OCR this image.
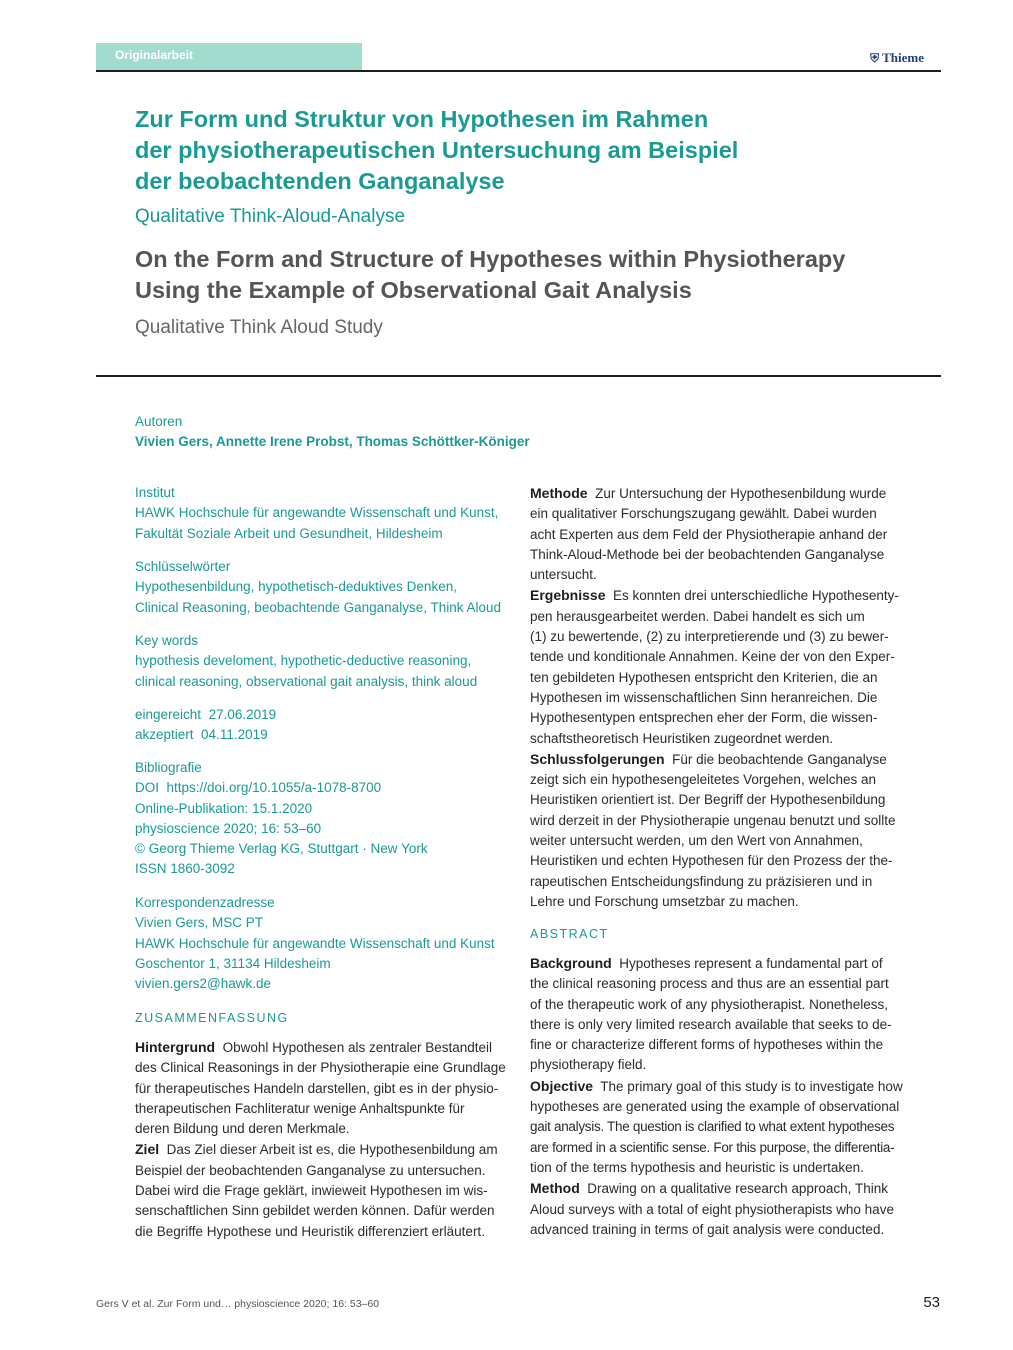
Originalarbeit	⛨ Thieme
Zur Form und Struktur von Hypothesen im Rahmen
der physiotherapeutischen Untersuchung am Beispiel
der beobachtenden Ganganalyse
Qualitative Think-Aloud-Analyse
On the Form and Structure of Hypotheses within Physiotherapy
Using the Example of Observational Gait Analysis
Qualitative Think Aloud Study
Autoren
Vivien Gers, Annette Irene Probst, Thomas Schöttker-Königer
Institut
HAWK Hochschule für angewandte Wissenschaft und Kunst,
Fakultät Soziale Arbeit und Gesundheit, Hildesheim
Schlüsselwörter
Hypothesenbildung, hypothetisch-deduktives Denken,
Clinical Reasoning, beobachtende Ganganalyse, Think Aloud
Key words
hypothesis develoment, hypothetic-deductive reasoning,
clinical reasoning, observational gait analysis, think aloud
eingereicht 27.06.2019
akzeptiert 04.11.2019
Bibliografie
DOI https://doi.org/10.1055/a-1078-8700
Online-Publikation: 15.1.2020
physioscience 2020; 16: 53–60
© Georg Thieme Verlag KG, Stuttgart · New York
ISSN 1860-3092
Korrespondenzadresse
Vivien Gers, MSC PT
HAWK Hochschule für angewandte Wissenschaft und Kunst
Goschentor 1, 31134 Hildesheim
vivien.gers2@hawk.de
ZUSAMMENFASSUNG
Hintergrund Obwohl Hypothesen als zentraler Bestandteil
des Clinical Reasonings in der Physiotherapie eine Grundlage
für therapeutisches Handeln darstellen, gibt es in der physio-
therapeutischen Fachliteratur wenige Anhaltspunkte für
deren Bildung und deren Merkmale.
Ziel Das Ziel dieser Arbeit ist es, die Hypothesenbildung am
Beispiel der beobachtenden Ganganalyse zu untersuchen.
Dabei wird die Frage geklärt, inwieweit Hypothesen im wis-
senschaftlichen Sinn gebildet werden können. Dafür werden
die Begriffe Hypothese und Heuristik differenziert erläutert.
Methode Zur Untersuchung der Hypothesenbildung wurde
ein qualitativer Forschungszugang gewählt. Dabei wurden
acht Experten aus dem Feld der Physiotherapie anhand der
Think-Aloud-Methode bei der beobachtenden Ganganalyse
untersucht.
Ergebnisse Es konnten drei unterschiedliche Hypothesenty-
pen herausgearbeitet werden. Dabei handelt es sich um
(1) zu bewertende, (2) zu interpretierende und (3) zu bewer-
tende und konditionale Annahmen. Keine der von den Exper-
ten gebildeten Hypothesen entspricht den Kriterien, die an
Hypothesen im wissenschaftlichen Sinn heranreichen. Die
Hypothesentypen entsprechen eher der Form, die wissen-
schaftstheoretisch Heuristiken zugeordnet werden.
Schlussfolgerungen Für die beobachtende Ganganalyse
zeigt sich ein hypothesengeleitetes Vorgehen, welches an
Heuristiken orientiert ist. Der Begriff der Hypothesenbildung
wird derzeit in der Physiotherapie ungenau benutzt und sollte
weiter untersucht werden, um den Wert von Annahmen,
Heuristiken und echten Hypothesen für den Prozess der the-
rapeutischen Entscheidungsfindung zu präzisieren und in
Lehre und Forschung umsetzbar zu machen.
ABSTRACT
Background Hypotheses represent a fundamental part of
the clinical reasoning process and thus are an essential part
of the therapeutic work of any physiotherapist. Nonetheless,
there is only very limited research available that seeks to de-
fine or characterize different forms of hypotheses within the
physiotherapy field.
Objective The primary goal of this study is to investigate how
hypotheses are generated using the example of observational
gait analysis. The question is clarified to what extent hypotheses
are formed in a scientific sense. For this purpose, the differentia-
tion of the terms hypothesis and heuristic is undertaken.
Method Drawing on a qualitative research approach, Think
Aloud surveys with a total of eight physiotherapists who have
advanced training in terms of gait analysis were conducted.
Gers V et al. Zur Form und… physioscience 2020; 16: 53–60	53
